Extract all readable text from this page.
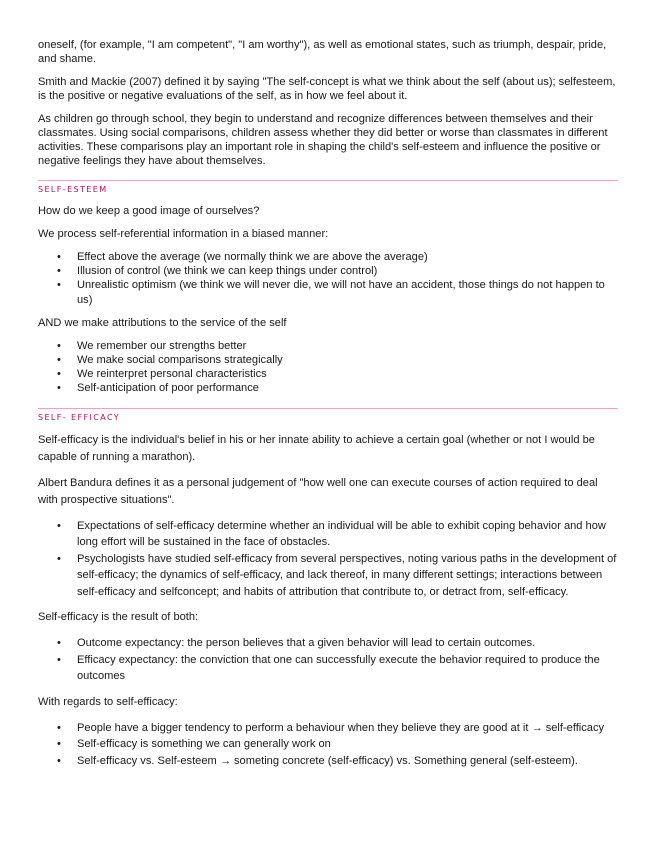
oneself, (for example, "I am competent", "I am worthy"), as well as emotional states, such as triumph, despair, pride, and shame.

Smith and Mackie (2007) defined it by saying "The self-concept is what we think about the self (about us); selfesteem, is the positive or negative evaluations of the self, as in how we feel about it.

As children go through school, they begin to understand and recognize differences between themselves and their classmates. Using social comparisons, children assess whether they did better or worse than classmates in different activities. These comparisons play an important role in shaping the child's self-esteem and influence the positive or negative feelings they have about themselves.

SELF-ESTEEM

How do we keep a good image of ourselves?

We process self-referential information in a biased manner:

• Effect above the average (we normally think we are above the average)
• Illusion of control (we think we can keep things under control)
• Unrealistic optimism (we think we will never die, we will not have an accident, those things do not happen to us)

AND we make attributions to the service of the self

• We remember our strengths better
• We make social comparisons strategically
• We reinterpret personal characteristics
• Self-anticipation of poor performance
SELF- EFFICACY

Self-efficacy is the individual's belief in his or her innate ability to achieve a certain goal (whether or not I would be capable of running a marathon).

Albert Bandura defines it as a personal judgement of "how well one can execute courses of action required to deal with prospective situations".

• Expectations of self-efficacy determine whether an individual will be able to exhibit coping behavior and how long effort will be sustained in the face of obstacles.
• Psychologists have studied self-efficacy from several perspectives, noting various paths in the development of self-efficacy; the dynamics of self-efficacy, and lack thereof, in many different settings; interactions between self-efficacy and selfconcept; and habits of attribution that contribute to, or detract from, self-efficacy.

Self-efficacy is the result of both:

• Outcome expectancy: the person believes that a given behavior will lead to certain outcomes.
• Efficacy expectancy: the conviction that one can successfully execute the behavior required to produce the outcomes

With regards to self-efficacy:

• People have a bigger tendency to perform a behaviour when they believe they are good at it → self-efficacy
• Self-efficacy is something we can generally work on
• Self-efficacy vs. Self-esteem → someting concrete (self-efficacy) vs. Something general (self-esteem).
